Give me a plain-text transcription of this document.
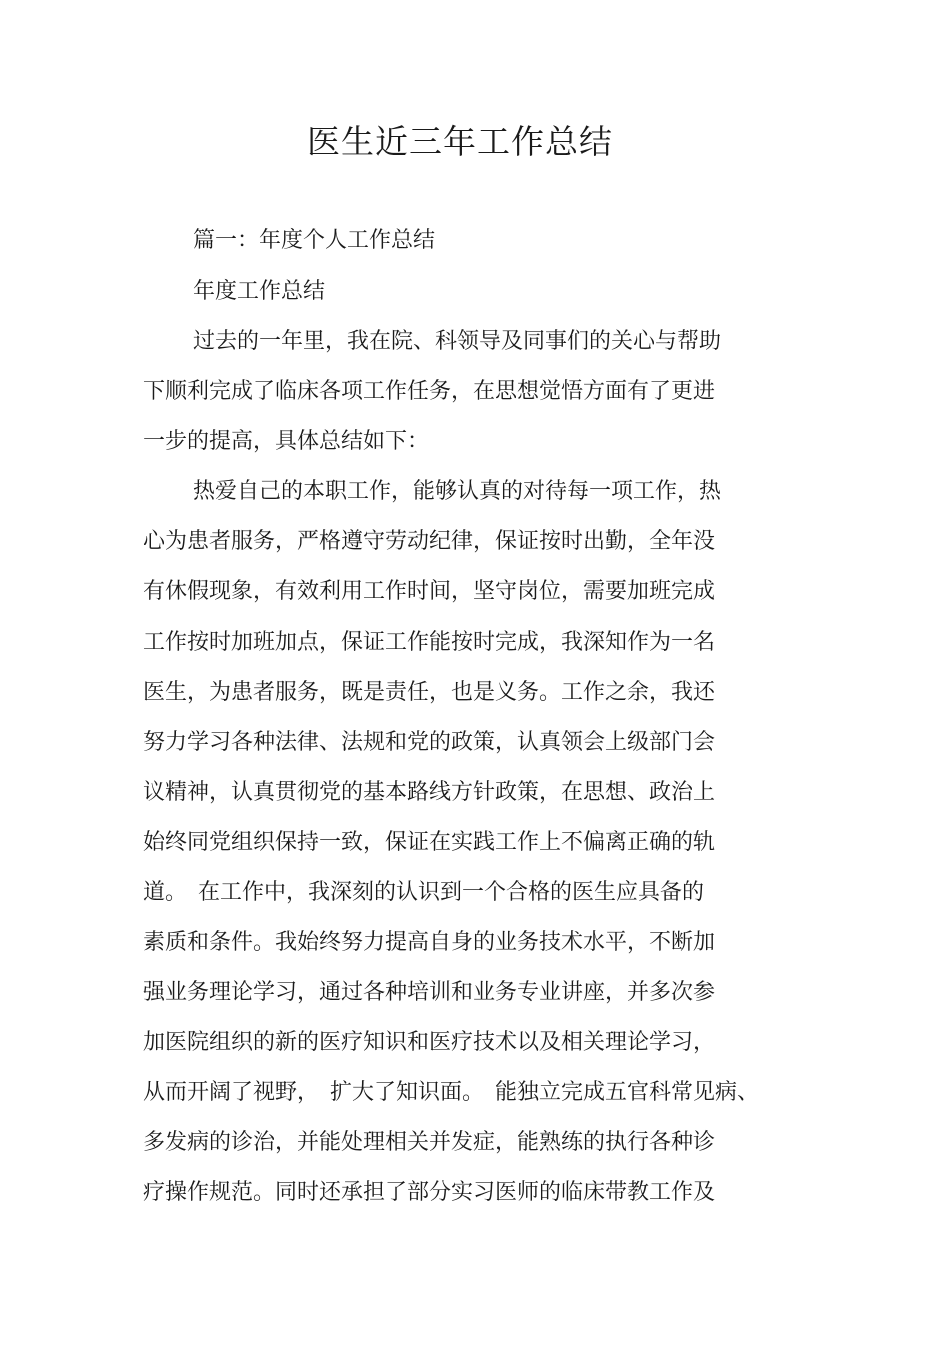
医生近三年工作总结

篇一：年度个人工作总结

年度工作总结

过去的一年里，我在院、科领导及同事们的关心与帮助

下顺利完成了临床各项工作任务，在思想觉悟方面有了更进

一步的提高，具体总结如下：

热爱自己的本职工作，能够认真的对待每一项工作，热

心为患者服务，严格遵守劳动纪律，保证按时出勤，全年没

有休假现象，有效利用工作时间，坚守岗位，需要加班完成

工作按时加班加点，保证工作能按时完成，我深知作为一名

医生，为患者服务，既是责任，也是义务。工作之余，我还

努力学习各种法律、法规和党的政策，认真领会上级部门会

议精神，认真贯彻党的基本路线方针政策，在思想、政治上

始终同党组织保持一致，保证在实践工作上不偏离正确的轨

道。　在工作中，我深刻的认识到一个合格的医生应具备的

素质和条件。我始终努力提高自身的业务技术水平，不断加

强业务理论学习，通过各种培训和业务专业讲座，并多次参

加医院组织的新的医疗知识和医疗技术以及相关理论学习，

从而开阔了视野，　扩大了知识面。　能独立完成五官科常见病、

多发病的诊治，并能处理相关并发症，能熟练的执行各种诊

疗操作规范。同时还承担了部分实习医师的临床带教工作及
